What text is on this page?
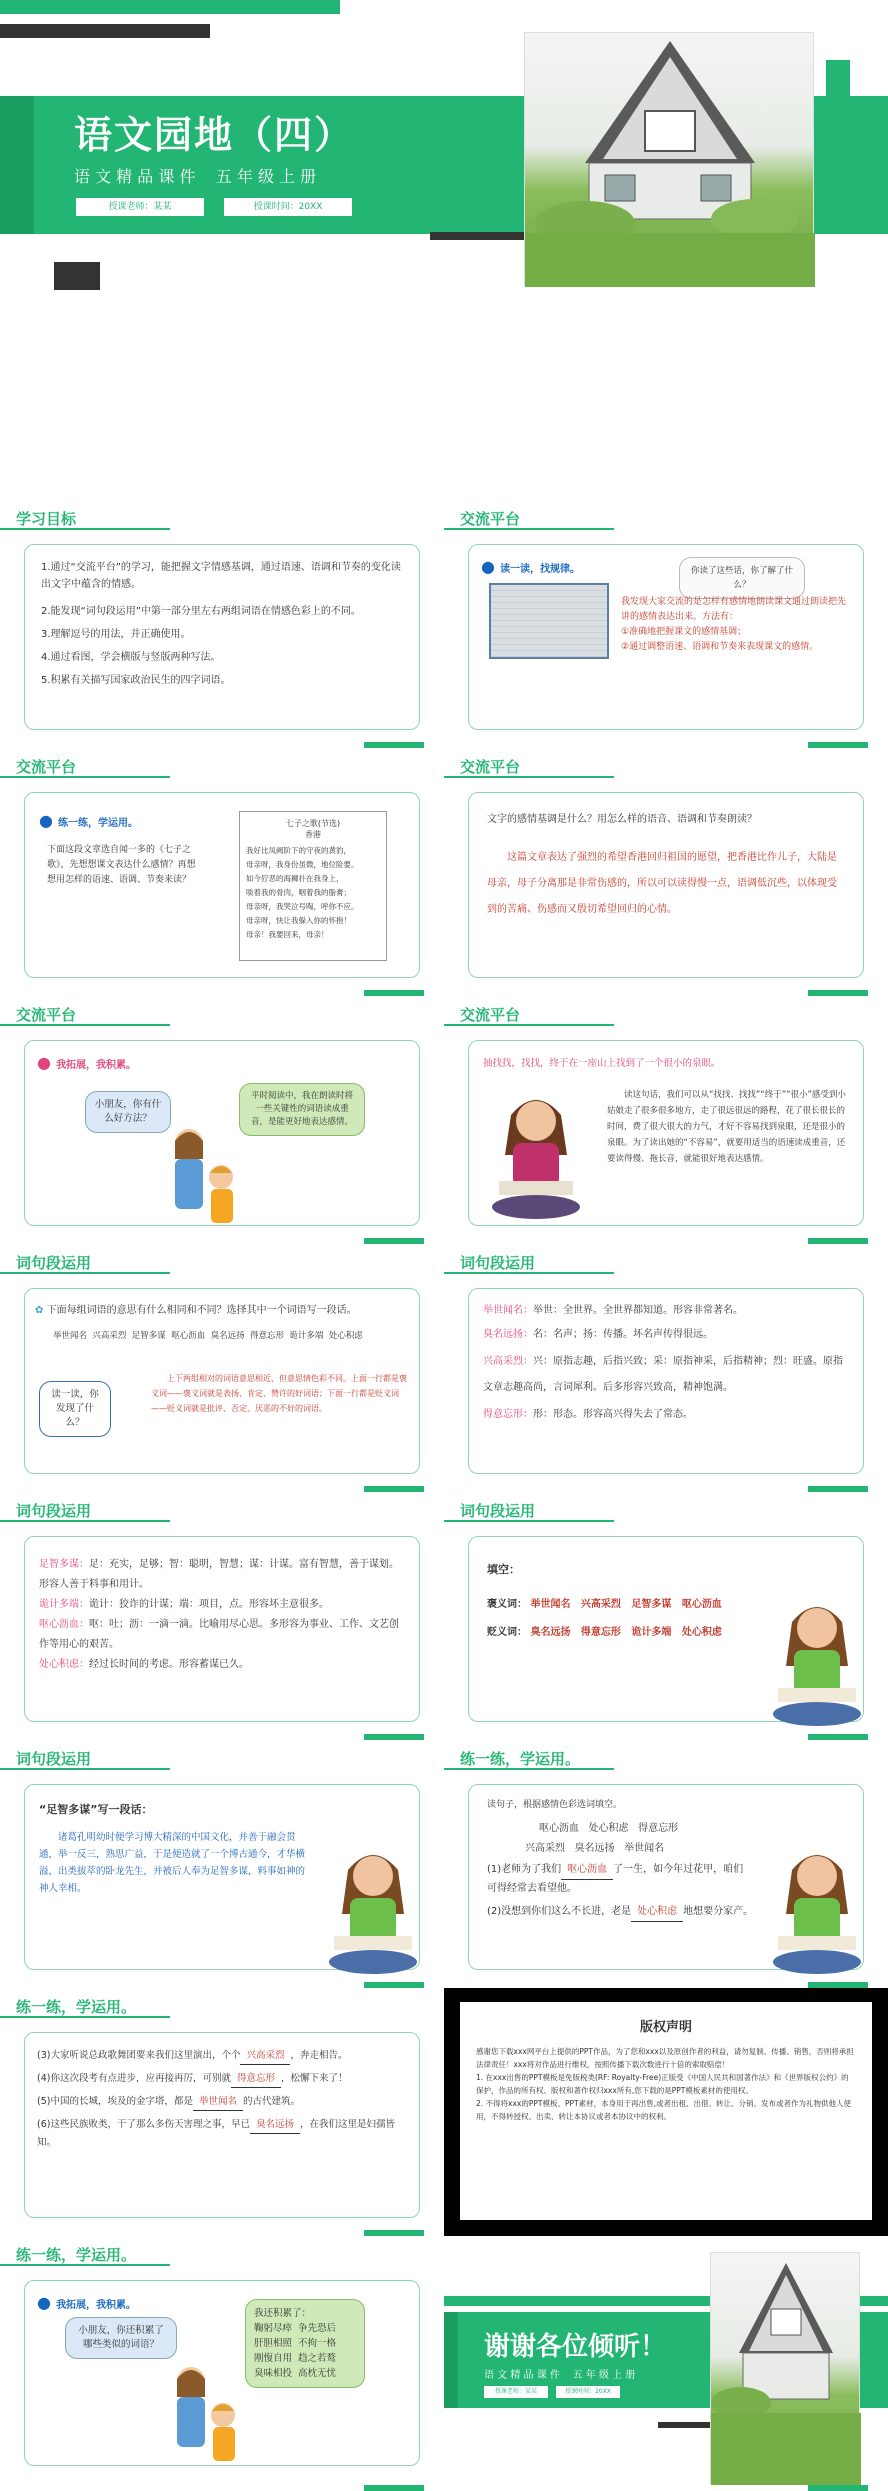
语文园地（四）
语 文 精 品 课 件    五 年 级 上 册
授课老师：某某	授课时间：20XX
学习目标
1.通过“交流平台”的学习，能把握文字情感基调，通过语速、语调和节奏的变化读出文字中蕴含的情感。
2.能发现“词句段运用”中第一部分里左右两组词语在情感色彩上的不同。
3.理解逗号的用法，并正确使用。
4.通过看图，学会横版与竖版两种写法。
5.积累有关描写国家政治民生的四字词语。
交流平台
● 读一读，找规律。	你读了这些话，你了解了什么？
我发现大家交流的是怎样有感情地朗读课文通过朗读把先讲的感情表达出来。方法有：
①准确地把握课文的感情基调；
②通过调整语速、语调和节奏来表现课文的感情。
交流平台
● 练一练，学运用。
下面这段文章选自闻一多的《七子之歌》，先想想课文表达什么感情？再想想用怎样的语速、语调、节奏来读？
七子之歌(节选)
香港
我好比凤阙阶下的守夜的黄豹，
母亲呀，我身份虽微，地位险要。
如今狞恶的海狮扑在我身上，
啖着我的骨肉，咽着我的脂膏；
母亲呀，我哭泣号啕，呼你不应。
母亲呀，快让我躲入你的怀抱！
母亲！我要回来，母亲！
交流平台
文字的感情基调是什么？用怎么样的语音、语调和节奏朗读？
这篇文章表达了强烈的希望香港回归祖国的愿望，把香港比作儿子，大陆是母亲，母子分离那是非常伤感的，所以可以读得慢一点，语调低沉些，以体现受到的苦痛、伤感而又殷切希望回归的心情。
交流平台
● 我拓展，我积累。
小朋友，你有什么好方法？
平时阅读中，我在朗读时将一些关键性的词语读成重音，是能更好地表达感情。
交流平台
抽找找，找找，终于在一座山上找到了一个很小的泉眼。
读这句话，我们可以从“找找、找找”“终于”“很小”感受到小姑娘走了很多很多地方，走了很远很远的路程，花了很长很长的时间，费了很大很大的力气，才好不容易找到泉眼，还是很小的泉眼。为了读出她的“不容易”，就要用适当的语速读成重音，还要读得慢、拖长音，就能很好地表达感情。
词句段运用
✿ 下面每组词语的意思有什么相同和不同？选择其中一个词语写一段话。
举世闻名  兴高采烈  足智多谋  呕心沥血  臭名远扬  得意忘形  诡计多端  处心积虑
读一读，你发现了什么？
上下两组相对的词语意思相近，但意思情色彩不同。上面一行都是褒义词——褒义词就是表扬、肯定、赞许的好词语；下面一行都是贬义词——贬义词就是批评、否定、厌恶的不好的词语。
词句段运用
举世闻名：举世：全世界。全世界都知道。形容非常著名。
臭名远扬：名：名声；扬：传播。坏名声传得很远。
兴高采烈：兴：原指志趣，后指兴致；采：原指神采，后指精神；烈：旺盛。原指文章志趣高尚，言词犀利。后多形容兴致高，精神饱满。
得意忘形：形：形态。形容高兴得失去了常态。
词句段运用
足智多谋：足：充实，足够；智：聪明，智慧；谋：计谋。富有智慧，善于谋划。形容人善于料事和用计。
诡计多端：诡计：狡诈的计谋；端：项目，点。形容坏主意很多。
呕心沥血：呕：吐；沥：一滴一滴。比喻用尽心思。多形容为事业、工作、文艺创作等用心的艰苦。
处心积虑：经过长时间的考虑。形容蓄谋已久。
词句段运用
填空：
褒义词： 举世闻名   兴高采烈   足智多谋   呕心沥血
贬义词： 臭名远扬   得意忘形   诡计多端   处心积虑
词句段运用
“足智多谋”写一段话：
诸葛孔明幼时便学习博大精深的中国文化，并善于融会贯通，举一反三，熟思广益，于是便造就了一个博古通今，才华横溢，出类拔萃的卧龙先生，并被后人奉为足智多谋，料事如神的神人幸相。
练一练，学运用。
读句子，根据感情色彩选词填空。
呕心沥血   处心积虑   得意忘形
兴高采烈   臭名远扬   举世闻名
(1)老师为了我们 呕心沥血 了一生，如今年过花甲，咱们可得经常去看望他。
(2)没想到你们这么不长进，老是 处心积虑 地想要分家产。
练一练，学运用。
(3)大家听说总政歌舞团要来我们这里演出，个个 兴高采烈 ，奔走相告。
(4)你这次段考有点进步，应再接再厉，可别就 得意忘形 ，松懈下来了！
(5)中国的长城，埃及的金字塔，都是 举世闻名 的古代建筑。
(6)这些民族败类，干了那么多伤天害理之事，早已 臭名远扬 ，在我们这里是妇孺皆知。
版权声明
感谢您下载xxx网平台上提供的PPT作品，为了您和xxx以及原创作者的利益，请勿复制、传播、销售，否则将承担法律责任！xxx将对作品进行维权，按照传播下载次数进行十倍的索取赔偿！
1. 在xxx出售的PPT模板是免版税类(RF: Royalty-Free)正版受《中国人民共和国著作法》和《世界版权公约》的保护，作品的所有权、版权和著作权归xxx所有,您下载的是PPT模板素材的使用权。
2. 不得将xxx的PPT模板、PPT素材，本身用于再出售,或者出租、出借、转让、分销、发布或者作为礼物供他人使用，不得转授权、出卖、转让本协议或者本协议中的权利。
练一练，学运用。
● 我拓展，我积累。
小朋友，你还积累了哪些类似的词语？
我还积累了：
鞠躬尽瘁  争先恐后
肝胆相照  不拘一格
刚愎自用  趋之若鹜
臭味相投  高枕无忧
谢谢各位倾听！
语 文 精 品 课 件    五 年 级 上 册
授课老师：某某	授课时间：20XX
